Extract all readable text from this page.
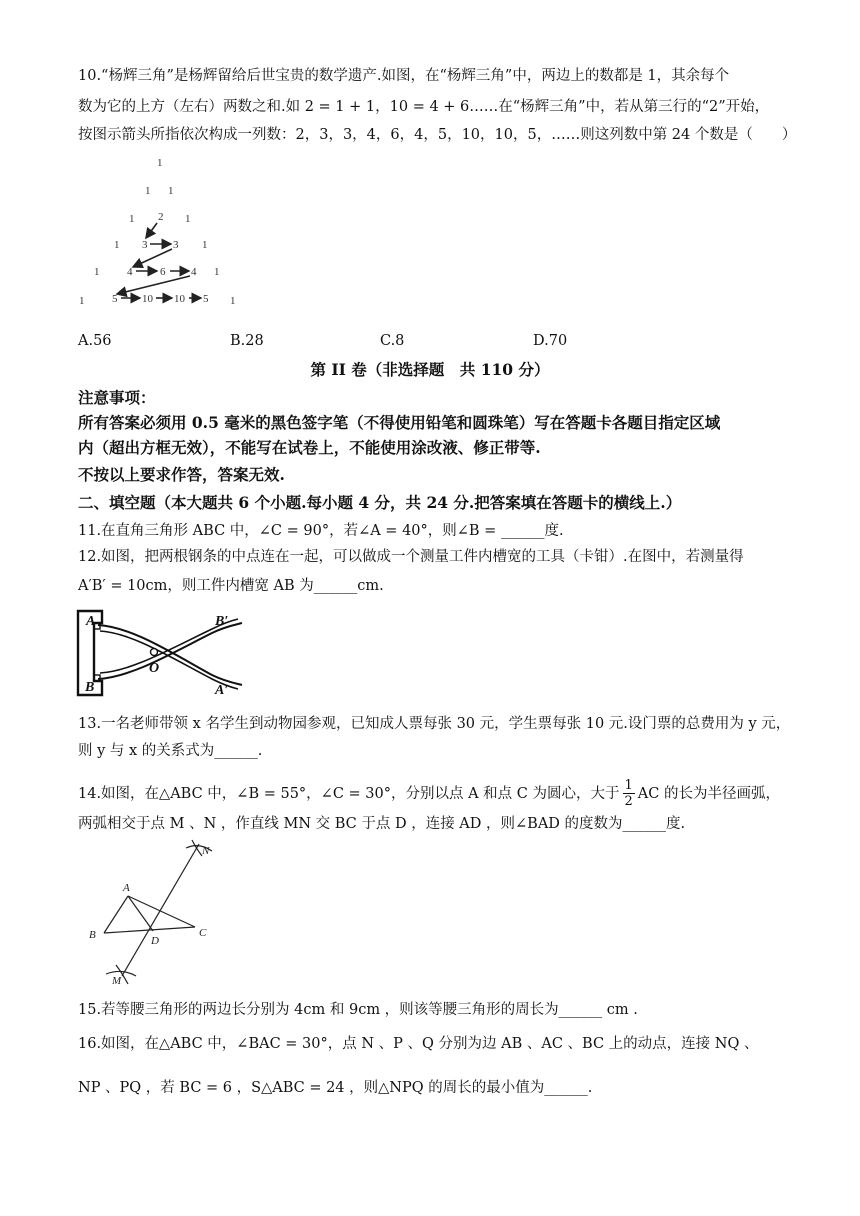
10.“杨辉三角”是杨辉留给后世宝贵的数学遗产.如图，在“杨辉三角”中，两边上的数都是 1，其余每个
数为它的上方（左右）两数之和.如 2 = 1 + 1，10 = 4 + 6……在“杨辉三角”中，若从第三行的“2”开始，
按图示箭头所指依次构成一列数：2，3，3，4，6，4，5，10，10，5，……则这列数中第 24 个数是（　　）
1
1 1
1 2 1
1 3 3 1
1	4	6 4 1
1	5 10 10 5 1
A.56	B.28	C.8	D.70
第 II 卷（非选择题　共 110 分）
注意事项：
所有答案必须用 0.5 毫米的黑色签字笔（不得使用铅笔和圆珠笔）写在答题卡各题目指定区域
内（超出方框无效），不能写在试卷上，不能使用涂改液、修正带等.
不按以上要求作答，答案无效.
二、填空题（本大题共 6 个小题.每小题 4 分，共 24 分.把答案填在答题卡的横线上.）
11.在直角三角形 ABC 中，∠C = 90°，若∠A = 40°，则∠B = ______度.
12.如图，把两根钢条的中点连在一起，可以做成一个测量工件内槽宽的工具（卡钳）.在图中，若测量得
A′B′ = 10cm，则工件内槽宽 AB 为______cm.
A
B
B′
A′
O
13.一名老师带领 x 名学生到动物园参观，已知成人票每张 30 元，学生票每张 10 元.设门票的总费用为 y 元，
则 y 与 x 的关系式为______.
14.如图，在△ABC 中，∠B = 55°，∠C = 30°，分别以点 A 和点 C 为圆心，大于 $\frac{1}{2}$ AC 的长为半径画弧，
两弧相交于点 M 、N ，作直线 MN 交 BC 于点 D ，连接 AD ，则∠BAD 的度数为______度.
A
B	C
D
M
N
15.若等腰三角形的两边长分别为 4cm 和 9cm ，则该等腰三角形的周长为______ cm .
16.如图，在△ABC 中，∠BAC = 30°，点 N 、P 、Q 分别为边 AB 、AC 、BC 上的动点，连接 NQ 、
NP 、PQ ，若 BC = 6 ，S△ABC = 24 ，则△NPQ 的周长的最小值为______.
